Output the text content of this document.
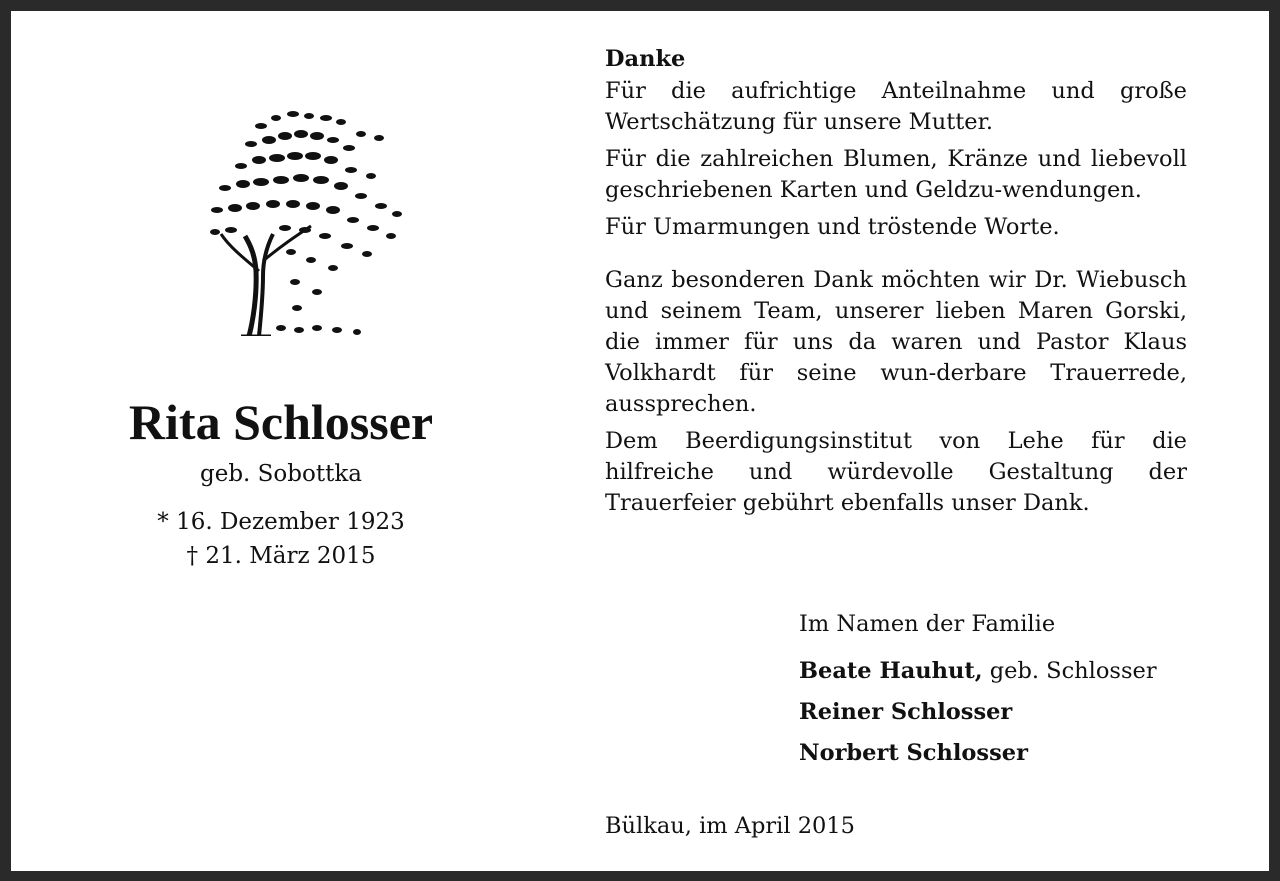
Rita Schlosser
geb. Sobottka
* 16. Dezember 1923
† 21. März 2015

Danke

Für die aufrichtige Anteilnahme und große Wertschätzung für unsere Mutter.

Für die zahlreichen Blumen, Kränze und liebevoll geschriebenen Karten und Geldzu-wendungen.

Für Umarmungen und tröstende Worte.

Ganz besonderen Dank möchten wir Dr. Wiebusch und seinem Team, unserer lieben Maren Gorski, die immer für uns da waren und Pastor Klaus Volkhardt für seine wun-derbare Trauerrede, aussprechen.

Dem Beerdigungsinstitut von Lehe für die hilfreiche und würdevolle Gestaltung der Trauerfeier gebührt ebenfalls unser Dank.

Im Namen der Familie
Beate Hauhut, geb. Schlosser
Reiner Schlosser
Norbert Schlosser
Bülkau, im April 2015
